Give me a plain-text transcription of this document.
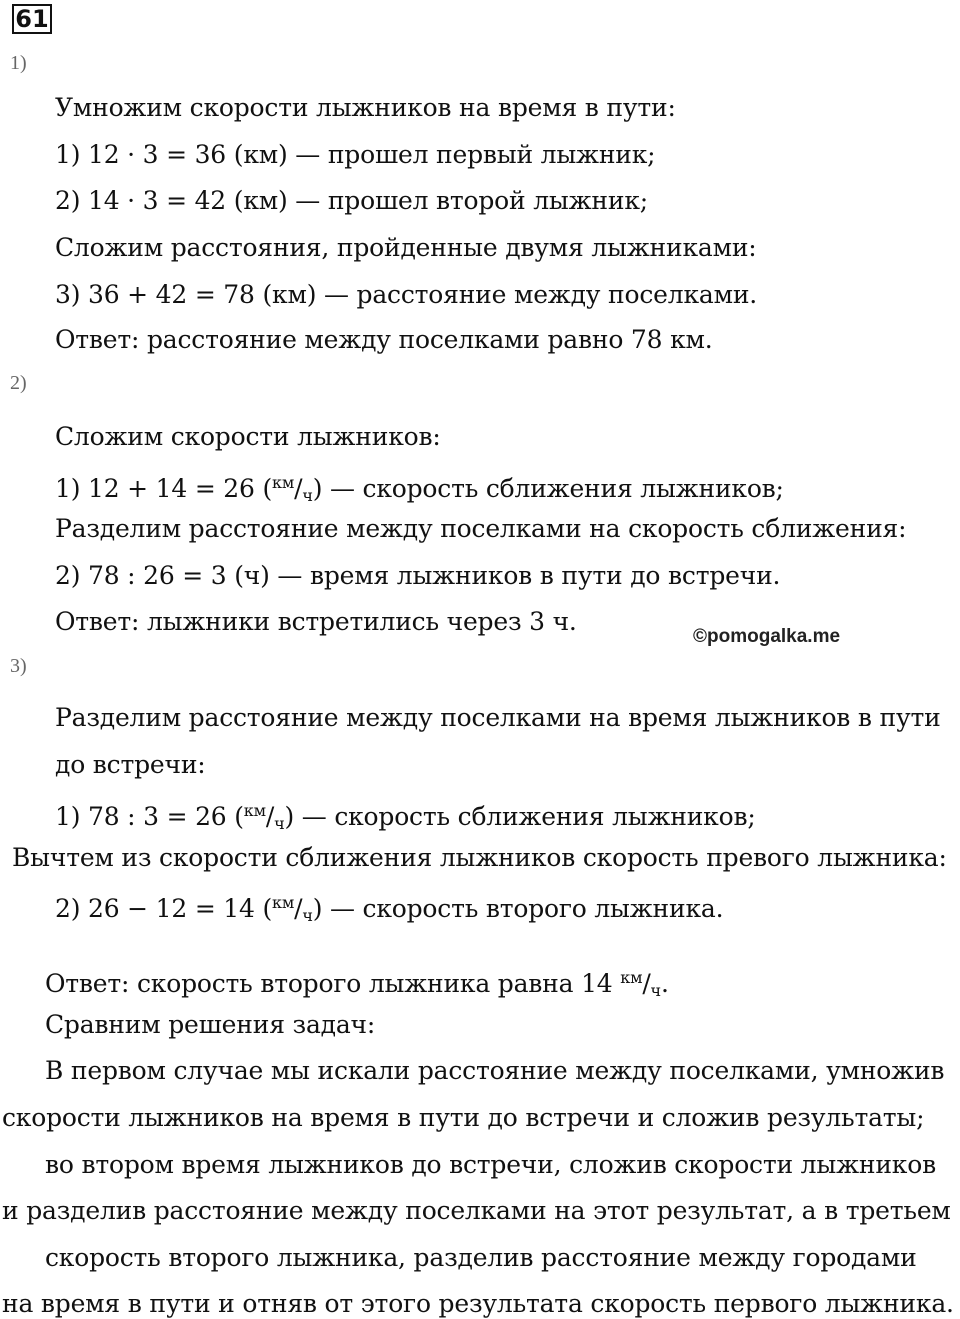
61
1)
Умножим скорости лыжников на время в пути:
1) 12 · 3 = 36 (км) — прошел первый лыжник;
2) 14 · 3 = 42 (км) — прошел второй лыжник;
Сложим расстояния, пройденные двумя лыжниками:
3) 36 + 42 = 78 (км) — расстояние между поселками.
Ответ: расстояние между поселками равно 78 км.
2)
Сложим скорости лыжников:
1) 12 + 14 = 26 $(^{км}/_ч)$ — скорость сближения лыжников;
Разделим расстояние между поселками на скорость сближения:
2) 78 : 26 = 3 (ч) — время лыжников в пути до встречи.
Ответ: лыжники встретились через 3 ч.
©pomogalka.me
3)
Разделим расстояние между поселками на время лыжников в пути
до встречи:
1) 78 : 3 = 26 $(^{км}/_ч)$ — скорость сближения лыжников;
Вычтем из скорости сближения лыжников скорость превого лыжника:
2) 26 − 12 = 14 $(^{км}/_ч)$ — скорость второго лыжника.
Ответ: скорость второго лыжника равна 14 $^{км}/_ч$.
Сравним решения задач:
В первом случае мы искали расстояние между поселками, умножив
скорости лыжников на время в пути до встречи и сложив результаты;
во втором время лыжников до встречи, сложив скорости лыжников
и разделив расстояние между поселками на этот результат, а в третьем
скорость второго лыжника, разделив расстояние между городами
на время в пути и отняв от этого результата скорость первого лыжника.
